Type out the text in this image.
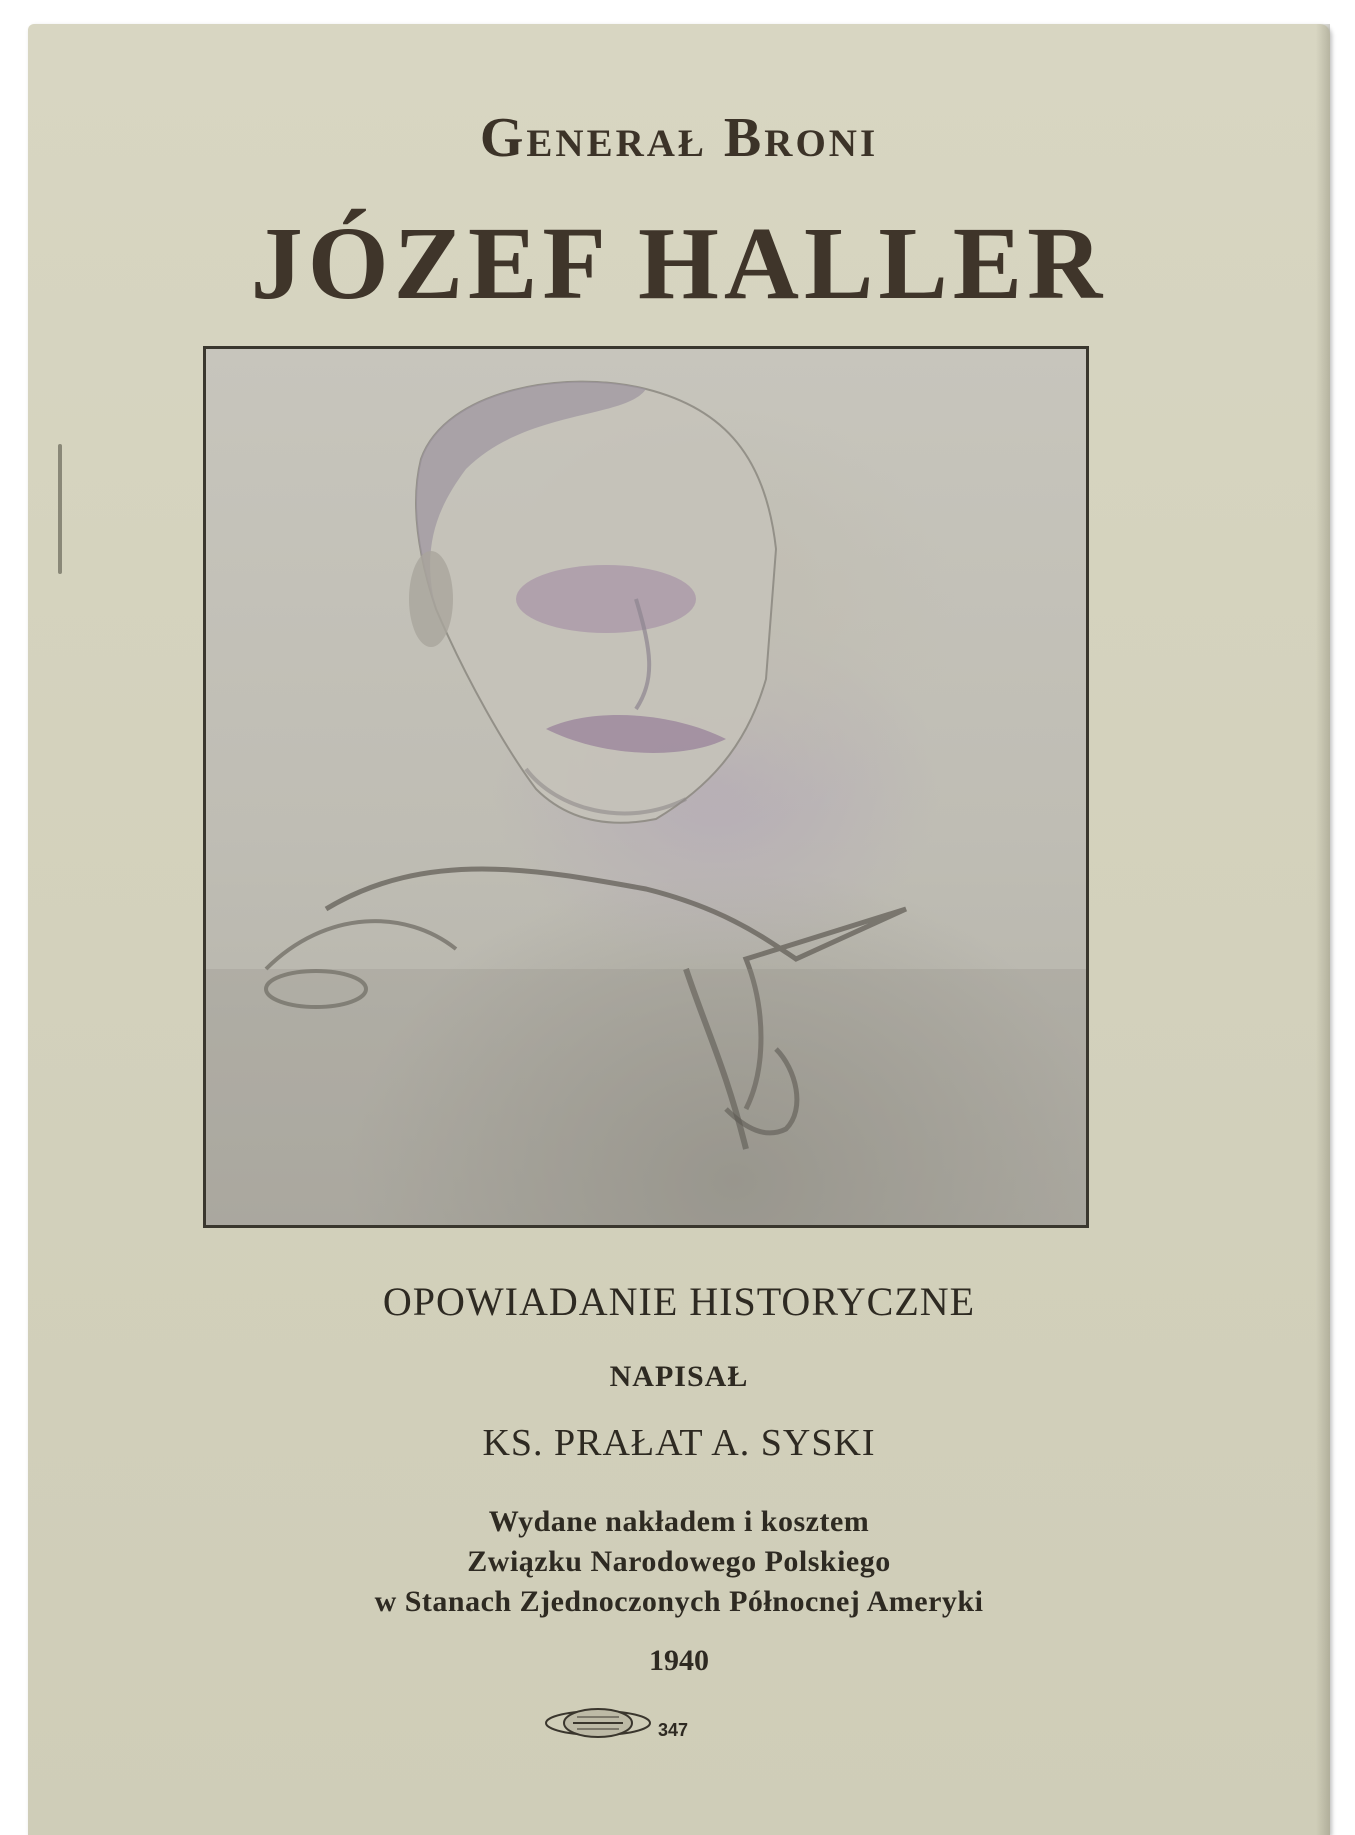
Generał Broni
JÓZEF HALLER

OPOWIADANIE HISTORYCZNE

NAPISAŁ

KS. PRAŁAT A. SYSKI

Wydane nakładem i kosztem
Związku Narodowego Polskiego
w Stanach Zjednoczonych Północnej Ameryki

1940

347
